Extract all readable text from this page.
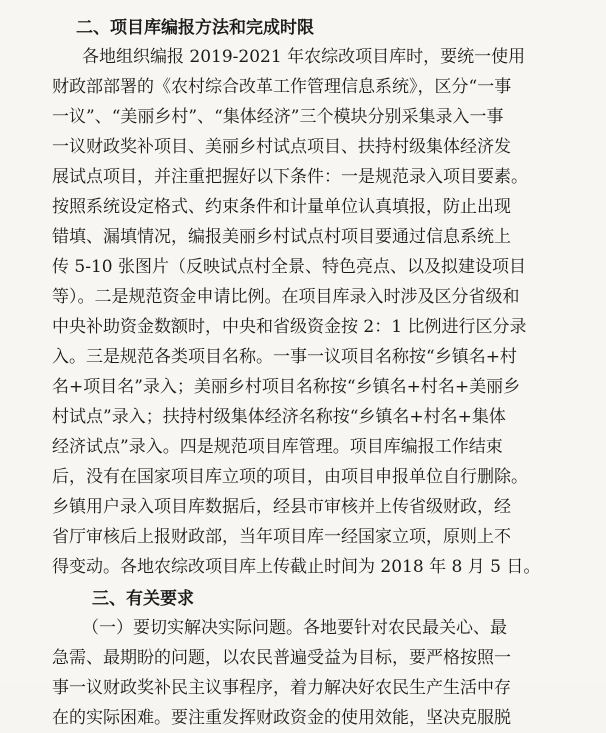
二、项目库编报方法和完成时限
各地组织编报 2019-2021 年农综改项目库时，要统一使用
财政部部署的《农村综合改革工作管理信息系统》，区分“一事
一议”、“美丽乡村”、“集体经济”三个模块分别采集录入一事
一议财政奖补项目、美丽乡村试点项目、扶持村级集体经济发
展试点项目，并注重把握好以下条件：一是规范录入项目要素。
按照系统设定格式、约束条件和计量单位认真填报，防止出现
错填、漏填情况，编报美丽乡村试点村项目要通过信息系统上
传 5-10 张图片（反映试点村全景、特色亮点、以及拟建设项目
等）。二是规范资金申请比例。在项目库录入时涉及区分省级和
中央补助资金数额时，中央和省级资金按 2：1 比例进行区分录
入。三是规范各类项目名称。一事一议项目名称按“乡镇名+村
名+项目名”录入；美丽乡村项目名称按“乡镇名+村名+美丽乡
村试点”录入；扶持村级集体经济名称按“乡镇名+村名+集体
经济试点”录入。四是规范项目库管理。项目库编报工作结束
后，没有在国家项目库立项的项目，由项目申报单位自行删除。
乡镇用户录入项目库数据后，经县市审核并上传省级财政，经
省厅审核后上报财政部，当年项目库一经国家立项，原则上不
得变动。各地农综改项目库上传截止时间为 2018 年 8 月 5 日。
三、有关要求
（一）要切实解决实际问题。各地要针对农民最关心、最
急需、最期盼的问题，以农民普遍受益为目标，要严格按照一
事一议财政奖补民主议事程序，着力解决好农民生产生活中存
在的实际困难。要注重发挥财政资金的使用效能，坚决克服脱
